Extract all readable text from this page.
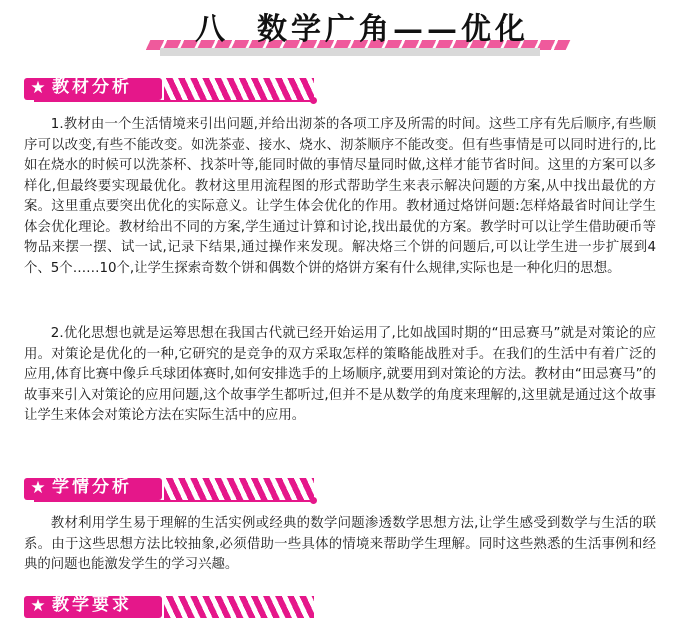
八 数学广角——优化
★ 教材分析

1.教材由一个生活情境来引出问题,并给出沏茶的各项工序及所需的时间。这些工序有先后顺序,有些顺序可以改变,有些不能改变。如洗茶壶、接水、烧水、沏茶顺序不能改变。但有些事情是可以同时进行的,比如在烧水的时候可以洗茶杯、找茶叶等,能同时做的事情尽量同时做,这样才能节省时间。这里的方案可以多样化,但最终要实现最优化。教材这里用流程图的形式帮助学生来表示解决问题的方案,从中找出最优的方案。这里重点要突出优化的实际意义。让学生体会优化的作用。教材通过烙饼问题:怎样烙最省时间让学生体会优化理论。教材给出不同的方案,学生通过计算和讨论,找出最优的方案。教学时可以让学生借助硬币等物品来摆一摆、试一试,记录下结果,通过操作来发现。解决烙三个饼的问题后,可以让学生进一步扩展到4个、5个……10个,让学生探索奇数个饼和偶数个饼的烙饼方案有什么规律,实际也是一种化归的思想。

2.优化思想也就是运筹思想在我国古代就已经开始运用了,比如战国时期的“田忌赛马”就是对策论的应用。对策论是优化的一种,它研究的是竞争的双方采取怎样的策略能战胜对手。在我们的生活中有着广泛的应用,体育比赛中像乒乓球团体赛时,如何安排选手的上场顺序,就要用到对策论的方法。教材由“田忌赛马”的故事来引入对策论的应用问题,这个故事学生都听过,但并不是从数学的角度来理解的,这里就是通过这个故事让学生来体会对策论方法在实际生活中的应用。

★ 学情分析

教材利用学生易于理解的生活实例或经典的数学问题渗透数学思想方法,让学生感受到数学与生活的联系。由于这些思想方法比较抽象,必须借助一些具体的情境来帮助学生理解。同时这些熟悉的生活事例和经典的问题也能激发学生的学习兴趣。

★ 教学要求
